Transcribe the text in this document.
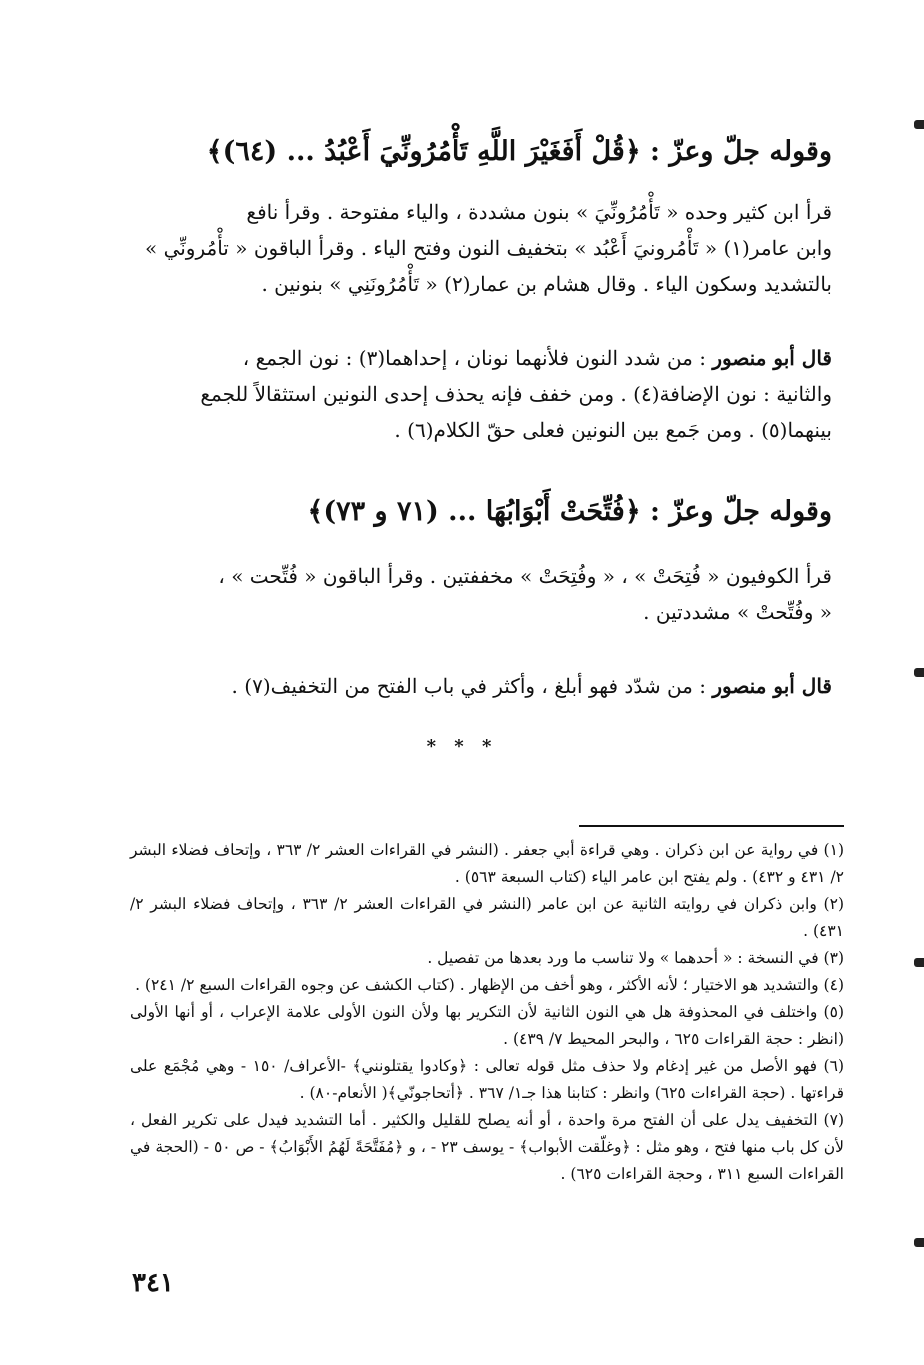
وقوله جلّ وعزّ : ﴿قُلْ أَفَغَيْرَ اللَّهِ تَأْمُرُونِّيَ أَعْبُدُ ... (٦٤)﴾

قرأ ابن كثير وحده « تَأْمُرُونِّيَ » بنون مشددة ، والياء مفتوحة . وقرأ نافع

وابن عامر(١) « تَأْمُرونيَ أَعْبُد » بتخفيف النون وفتح الياء . وقرأ الباقون « تأْمُرونِّي »

بالتشديد وسكون الياء . وقال هشام بن عمار(٢) « تَأْمُرُونَنِي » بنونين .

قال أبو منصور : من شدد النون فلأنهما نونان ، إحداهما(٣) : نون الجمع ،

والثانية : نون الإضافة(٤) . ومن خفف فإنه يحذف إحدى النونين استثقالاً للجمع

بينهما(٥) . ومن جَمع بين النونين فعلى حقّ الكلام(٦) .

وقوله جلّ وعزّ : ﴿فُتِّحَتْ أَبْوَابُهَا ... (٧١ و ٧٣)﴾

قرأ الكوفيون « فُتِحَتْ » ، « وفُتِحَتْ » مخففتين . وقرأ الباقون « فُتِّحت » ،

« وفُتِّحتْ » مشددتين .

قال أبو منصور : من شدّد فهو أبلغ ، وأكثر في باب الفتح من التخفيف(٧) .

* * *

(١) في رواية عن ابن ذكران . وهي قراءة أبي جعفر . (النشر في القراءات العشر ٢/ ٣٦٣ ، وإتحاف فضلاء البشر ٢/ ٤٣١ و ٤٣٢) . ولم يفتح ابن عامر الياء (كتاب السبعة ٥٦٣) .

(٢) وابن ذكران في روايته الثانية عن ابن عامر (النشر في القراءات العشر ٢/ ٣٦٣ ، وإتحاف فضلاء البشر ٢/ ٤٣١) .

(٣) في النسخة : « أحدهما » ولا تناسب ما ورد بعدها من تفصيل .

(٤) والتشديد هو الاختيار ؛ لأنه الأكثر ، وهو أخف من الإظهار . (كتاب الكشف عن وجوه القراءات السبع ٢/ ٢٤١) .

(٥) واختلف في المحذوفة هل هي النون الثانية لأن التكرير بها ولأن النون الأولى علامة الإعراب ، أو أنها الأولى (انظر : حجة القراءات ٦٢٥ ، والبحر المحيط ٧/ ٤٣٩) .

(٦) فهو الأصل من غير إدغام ولا حذف مثل قوله تعالى : ﴿وكادوا يقتلونني﴾ -الأعراف/ ١٥٠ - وهي مُجْمَع على قراءتها . (حجة القراءات ٦٢٥) وانظر : كتابنا هذا جـ١/ ٣٦٧ . ﴿أتحاجونّي﴾( الأنعام-٨٠) .

(٧) التخفيف يدل على أن الفتح مرة واحدة ، أو أنه يصلح للقليل والكثير . أما التشديد فيدل على تكرير الفعل ، لأن كل باب منها فتح ، وهو مثل : ﴿وغلّقت الأبواب﴾ - يوسف ٢٣ - ، و ﴿مُفَتَّحَةً لَهُمُ الأَبْوَابُ﴾ - ص ٥٠ - (الحجة في القراءات السبع ٣١١ ، وحجة القراءات ٦٢٥) .

٣٤١
